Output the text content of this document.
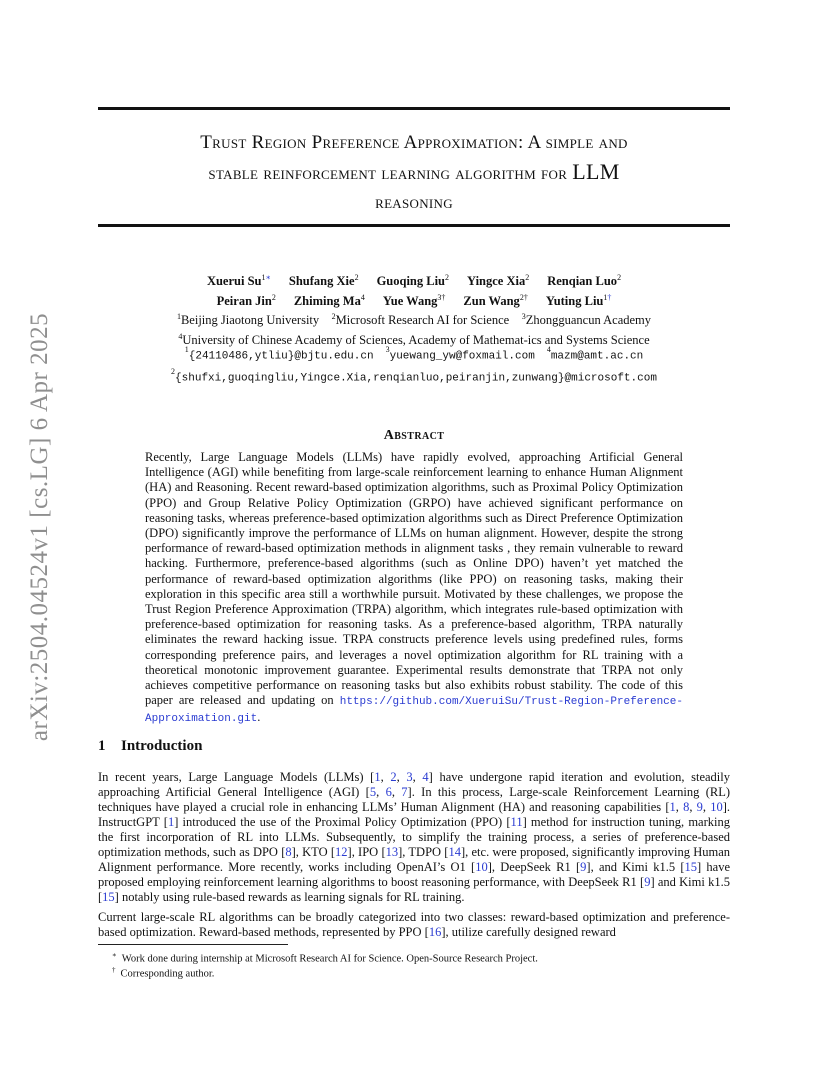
arXiv:2504.04524v1 [cs.LG] 6 Apr 2025
Trust Region Preference Approximation: A simple and
stable reinforcement learning algorithm for LLM
reasoning
Xuerui $Su^{1∗}$ Shufang Xie$^2$ Guoqing Liu$^2$ Yingce Xia$^2$ Renqian Luo$^2$
Peiran Jin$^2$ Zhiming Ma$^4$ Yue Wang$^{3\dagger}$ Zun Wang$^{2\dagger}$ Yuting Liu$^{1\dagger}$
$^1$Beijing Jiaotong University $^2$Microsoft Research AI for Science $^3$Zhongguancun Academy
$^4$University of Chinese Academy of Sciences, Academy of Mathemat-ics and Systems Science
$^1${24110486,ytliu}@bjtu.edu.cn   $^3$yuewang_yw@foxmail.com   $^4$mazm@amt.ac.cn
$^2${shufxi,guoqingliu,Yingce.Xia,renqianluo,peiranjin,zunwang}@microsoft.com
Abstract
Recently, Large Language Models (LLMs) have rapidly evolved, approaching Artificial General Intelligence (AGI) while benefiting from large-scale reinforcement learning to enhance Human Alignment (HA) and Reasoning. Recent reward-based optimization algorithms, such as Proximal Policy Optimization (PPO) and Group Relative Policy Optimization (GRPO) have achieved significant performance on reasoning tasks, whereas preference-based optimization algorithms such as Direct Preference Optimization (DPO) significantly improve the performance of LLMs on human alignment. However, despite the strong performance of reward-based optimization methods in alignment tasks , they remain vulnerable to reward hacking. Furthermore, preference-based algorithms (such as Online DPO) haven’t yet matched the performance of reward-based optimization algorithms (like PPO) on reasoning tasks, making their exploration in this specific area still a worthwhile pursuit. Motivated by these challenges, we propose the Trust Region Preference Approximation (TRPA) algorithm, which integrates rule-based optimization with preference-based optimization for reasoning tasks. As a preference-based algorithm, TRPA naturally eliminates the reward hacking issue. TRPA constructs preference levels using predefined rules, forms corresponding preference pairs, and leverages a novel optimization algorithm for RL training with a theoretical monotonic improvement guarantee. Experimental results demonstrate that TRPA not only achieves competitive performance on reasoning tasks but also exhibits robust stability. The code of this paper are released and updating on https://github.com/XueruiSu/Trust-Region-Preference-Approximation.git.
1 Introduction
In recent years, Large Language Models (LLMs) [1, 2, 3, 4] have undergone rapid iteration and evolution, steadily approaching Artificial General Intelligence (AGI) [5, 6, 7]. In this process, Large-scale Reinforcement Learning (RL) techniques have played a crucial role in enhancing LLMs’ Human Alignment (HA) and reasoning capabilities [1, 8, 9, 10]. InstructGPT [1] introduced the use of the Proximal Policy Optimization (PPO) [11] method for instruction tuning, marking the first incorporation of RL into LLMs. Subsequently, to simplify the training process, a series of preference-based optimization methods, such as DPO [8], KTO [12], IPO [13], TDPO [14], etc. were proposed, significantly improving Human Alignment performance. More recently, works including OpenAI’s O1 [10], DeepSeek R1 [9], and Kimi k1.5 [15] have proposed employing reinforcement learning algorithms to boost reasoning performance, with DeepSeek R1 [9] and Kimi k1.5 [15] notably using rule-based rewards as learning signals for RL training.
Current large-scale RL algorithms can be broadly categorized into two classes: reward-based optimization and preference-based optimization. Reward-based methods, represented by PPO [16], utilize carefully designed reward
∗ Work done during internship at Microsoft Research AI for Science. Open-Source Research Project.
† Corresponding author.
